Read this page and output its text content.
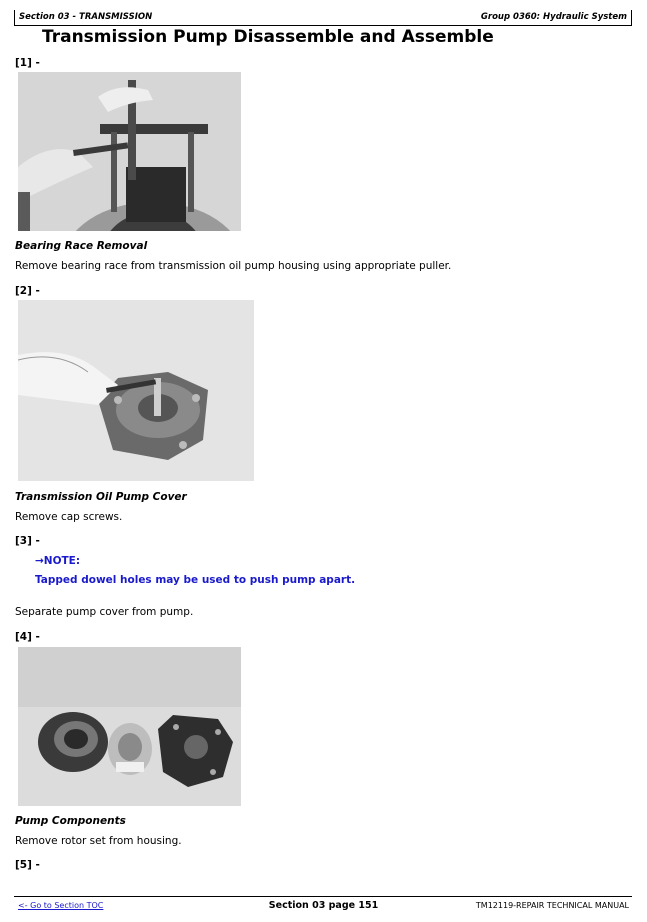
Section 03 - TRANSMISSION	Group 0360: Hydraulic System
Transmission Pump Disassemble and Assemble
[1] -
Bearing Race Removal
Remove bearing race from transmission oil pump housing using appropriate puller.
[2] -
Transmission Oil Pump Cover
Remove cap screws.
[3] -
→NOTE:
Tapped dowel holes may be used to push pump apart.
Separate pump cover from pump.
[4] -
Pump Components
Remove rotor set from housing.
[5] -
<- Go to Section TOC	Section 03 page 151	TM12119-REPAIR TECHNICAL MANUAL
